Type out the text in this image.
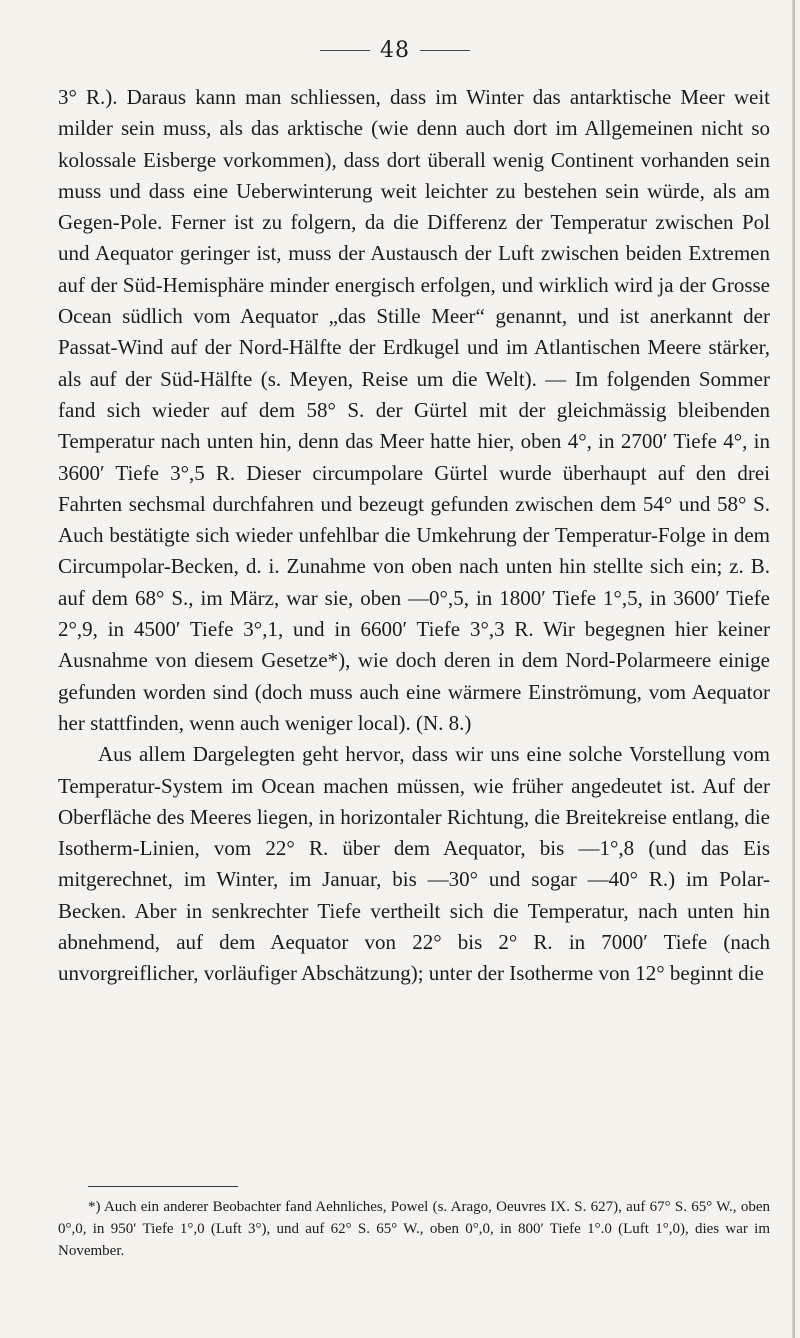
48

3° R.). Daraus kann man schliessen, dass im Winter das antarktische Meer weit milder sein muss, als das arktische (wie denn auch dort im Allgemeinen nicht so kolossale Eisberge vorkommen), dass dort überall wenig Continent vorhanden sein muss und dass eine Ueberwinterung weit leichter zu bestehen sein würde, als am Gegen-Pole. Ferner ist zu folgern, da die Differenz der Temperatur zwischen Pol und Aequator geringer ist, muss der Austausch der Luft zwischen beiden Extremen auf der Süd-Hemisphäre minder energisch erfolgen, und wirklich wird ja der Grosse Ocean südlich vom Aequator „das Stille Meer“ genannt, und ist anerkannt der Passat-Wind auf der Nord-Hälfte der Erdkugel und im Atlantischen Meere stärker, als auf der Süd-Hälfte (s. Meyen, Reise um die Welt). — Im folgenden Sommer fand sich wieder auf dem 58° S. der Gürtel mit der gleichmässig bleibenden Temperatur nach unten hin, denn das Meer hatte hier, oben 4°, in 2700′ Tiefe 4°, in 3600′ Tiefe 3°,5 R. Dieser circumpolare Gürtel wurde überhaupt auf den drei Fahrten sechsmal durchfahren und bezeugt gefunden zwischen dem 54° und 58° S. Auch bestätigte sich wieder unfehlbar die Umkehrung der Temperatur-Folge in dem Circumpolar-Becken, d. i. Zunahme von oben nach unten hin stellte sich ein; z. B. auf dem 68° S., im März, war sie, oben —0°,5, in 1800′ Tiefe 1°,5, in 3600′ Tiefe 2°,9, in 4500′ Tiefe 3°,1, und in 6600′ Tiefe 3°,3 R. Wir begegnen hier keiner Ausnahme von diesem Gesetze*), wie doch deren in dem Nord-Polarmeere einige gefunden worden sind (doch muss auch eine wärmere Einströmung, vom Aequator her stattfinden, wenn auch weniger local). (N. 8.)

Aus allem Dargelegten geht hervor, dass wir uns eine solche Vorstellung vom Temperatur-System im Ocean machen müssen, wie früher angedeutet ist. Auf der Oberfläche des Meeres liegen, in horizontaler Richtung, die Breitekreise entlang, die Isotherm-Linien, vom 22° R. über dem Aequator, bis —1°,8 (und das Eis mitgerechnet, im Winter, im Januar, bis —30° und sogar —40° R.) im Polar-Becken. Aber in senkrechter Tiefe vertheilt sich die Temperatur, nach unten hin abnehmend, auf dem Aequator von 22° bis 2° R. in 7000′ Tiefe (nach unvorgreiflicher, vorläufiger Abschätzung); unter der Isotherme von 12° beginnt die

*) Auch ein anderer Beobachter fand Aehnliches, Powel (s. Arago, Oeuvres IX. S. 627), auf 67° S. 65° W., oben 0°,0, in 950′ Tiefe 1°,0 (Luft 3°), und auf 62° S. 65° W., oben 0°,0, in 800′ Tiefe 1°.0 (Luft 1°,0), dies war im November.
